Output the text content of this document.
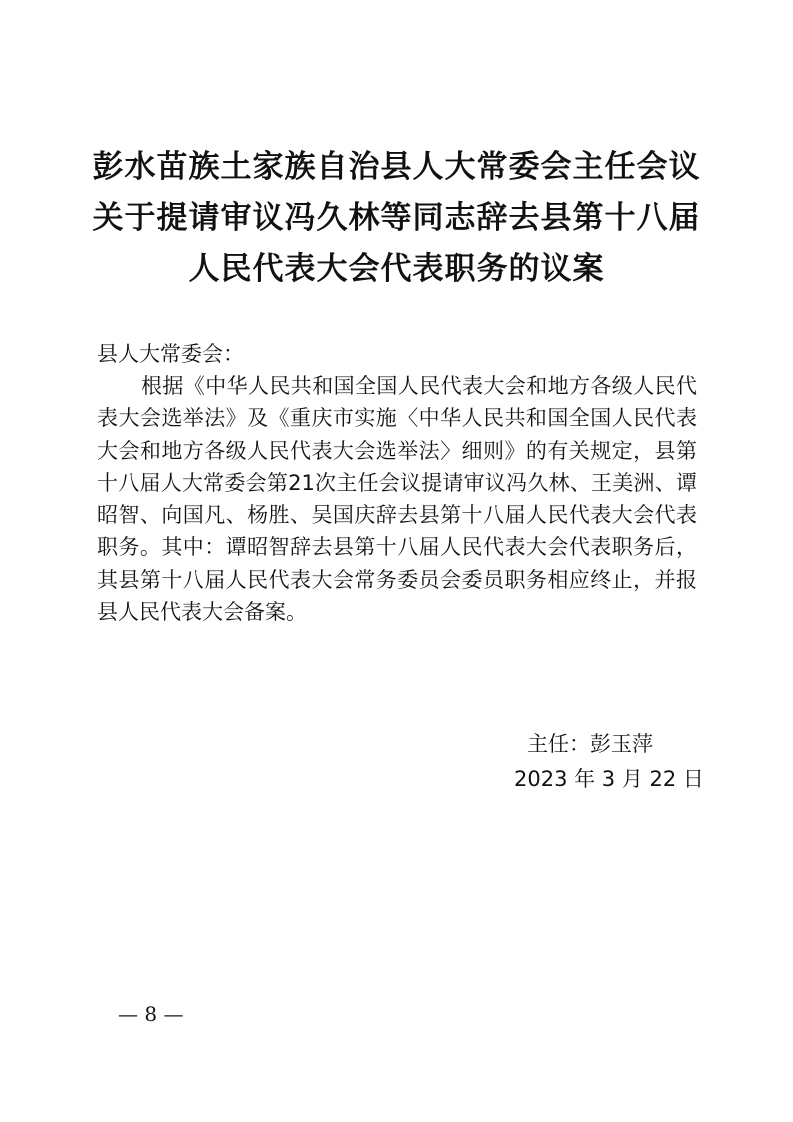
彭水苗族土家族自治县人大常委会主任会议
关于提请审议冯久林等同志辞去县第十八届
人民代表大会代表职务的议案
县人大常委会：
根据《中华人民共和国全国人民代表大会和地方各级人民代
表大会选举法》及《重庆市实施〈中华人民共和国全国人民代表
大会和地方各级人民代表大会选举法〉细则》的有关规定，县第
十八届人大常委会第21次主任会议提请审议冯久林、王美洲、谭
昭智、向国凡、杨胜、吴国庆辞去县第十八届人民代表大会代表
职务。其中：谭昭智辞去县第十八届人民代表大会代表职务后，
其县第十八届人民代表大会常务委员会委员职务相应终止，并报
县人民代表大会备案。
主任：彭玉萍
2023 年 3 月 22 日
— 8 —
